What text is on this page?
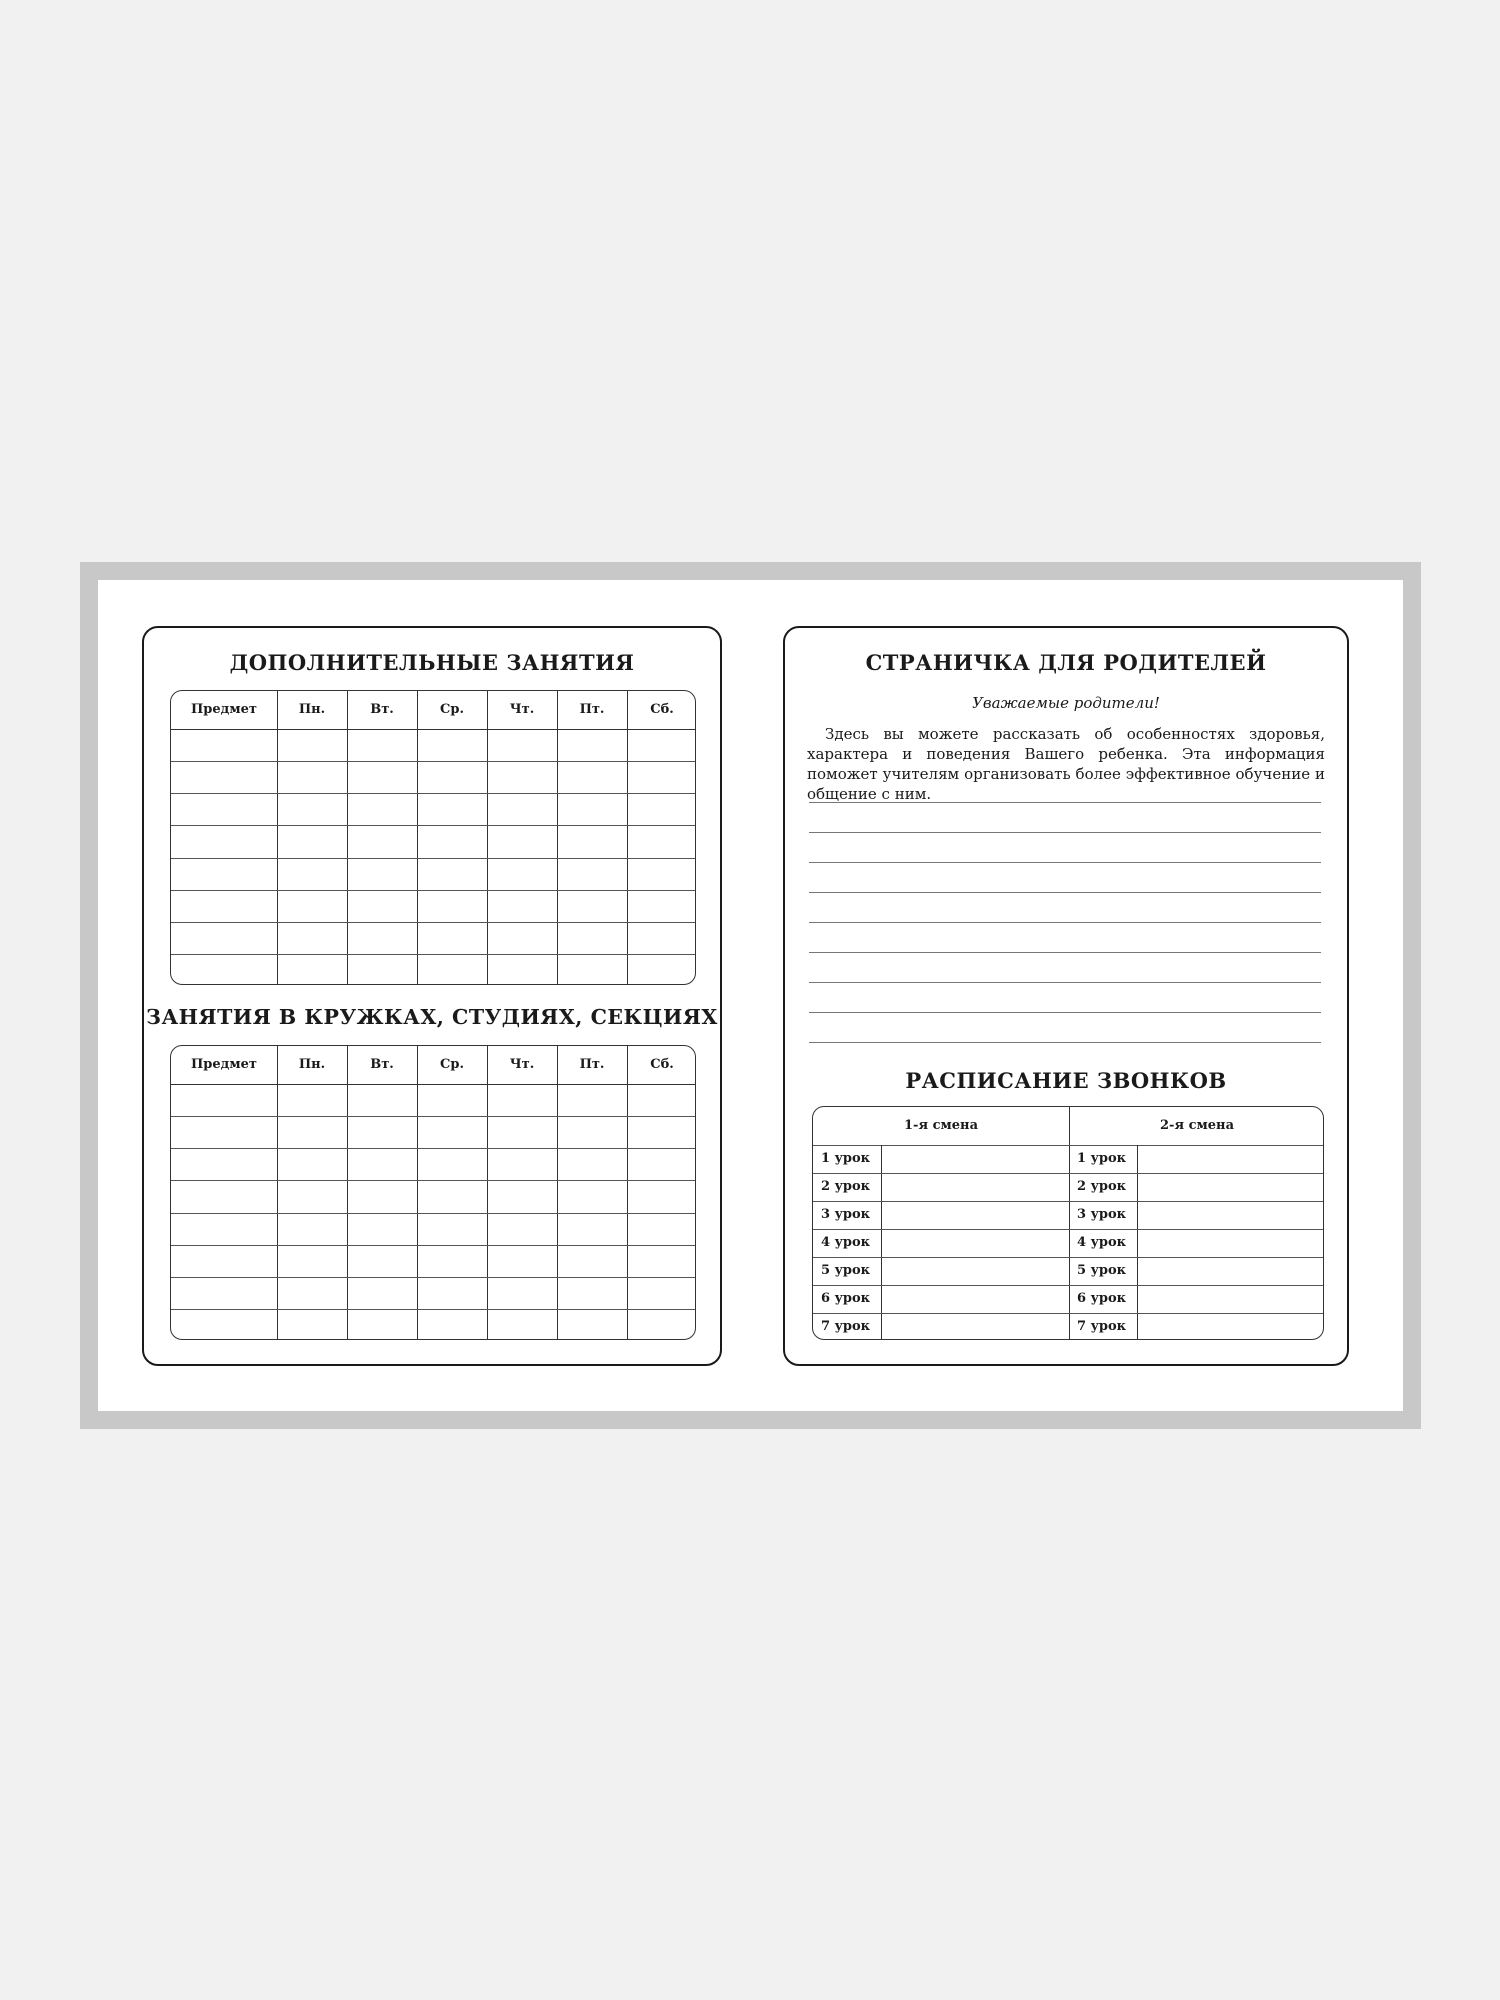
ДОПОЛНИТЕЛЬНЫЕ ЗАНЯТИЯ
Предмет	Пн.	Вт.	Ср.	Чт.	Пт.	Сб.
ЗАНЯТИЯ В КРУЖКАХ, СТУДИЯХ, СЕКЦИЯХ
Предмет	Пн.	Вт.	Ср.	Чт.	Пт.	Сб.
СТРАНИЧКА ДЛЯ РОДИТЕЛЕЙ
Уважаемые родители!
Здесь вы можете рассказать об особенностях здоровья, характера и поведения Вашего ребенка. Эта информация поможет учителям организовать более эффективное обучение и общение с ним.
РАСПИСАНИЕ ЗВОНКОВ
1-я смена	2-я смена
1 урок	1 урок
2 урок	2 урок
3 урок	3 урок
4 урок	4 урок
5 урок	5 урок
6 урок	6 урок
7 урок	7 урок
